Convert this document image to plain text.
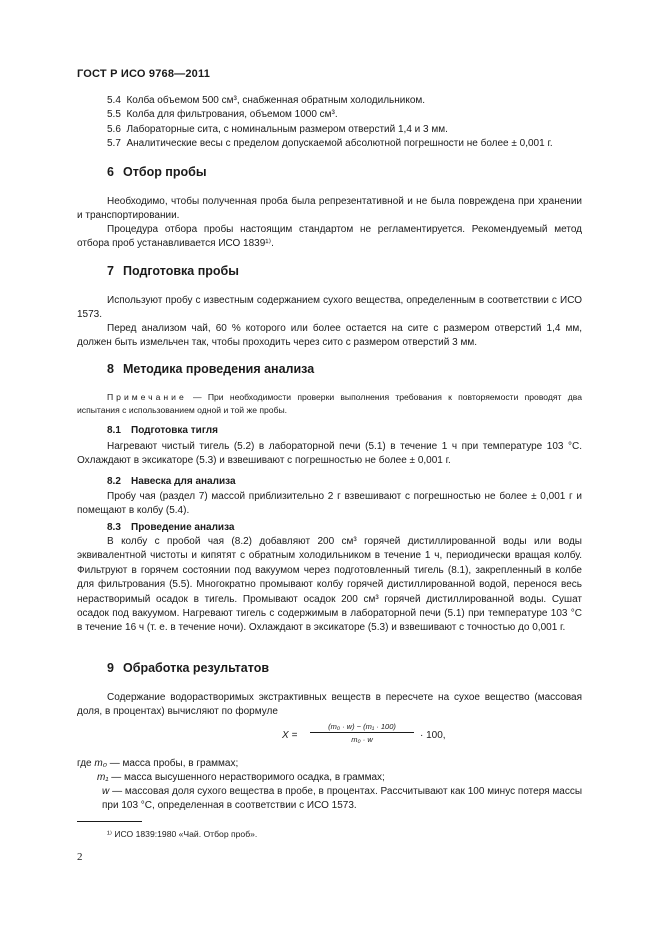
ГОСТ Р ИСО 9768—2011
5.4 Колба объемом 500 см³, снабженная обратным холодильником.
5.5 Колба для фильтрования, объемом 1000 см³.
5.6 Лабораторные сита, с номинальным размером отверстий 1,4 и 3 мм.
5.7 Аналитические весы с пределом допускаемой абсолютной погрешности не более ± 0,001 г.
6 Отбор пробы
Необходимо, чтобы полученная проба была репрезентативной и не была повреждена при хранении и транспортировании.
Процедура отбора пробы настоящим стандартом не регламентируется. Рекомендуемый метод отбора проб устанавливается ИСО 1839¹⁾.
7 Подготовка пробы
Используют пробу с известным содержанием сухого вещества, определенным в соответствии с ИСО 1573.
Перед анализом чай, 60 % которого или более остается на сите с размером отверстий 1,4 мм, должен быть измельчен так, чтобы проходить через сито с размером отверстий 3 мм.
8 Методика проведения анализа
Примечание — При необходимости проверки выполнения требования к повторяемости проводят два испытания с использованием одной и той же пробы.
8.1 Подготовка тигля
Нагревают чистый тигель (5.2) в лабораторной печи (5.1) в течение 1 ч при температуре 103 °С. Охлаждают в эксикаторе (5.3) и взвешивают с погрешностью не более ± 0,001 г.
8.2 Навеска для анализа
Пробу чая (раздел 7) массой приблизительно 2 г взвешивают с погрешностью не более ± 0,001 г и помещают в колбу (5.4).
8.3 Проведение анализа
В колбу с пробой чая (8.2) добавляют 200 см³ горячей дистиллированной воды или воды эквивалентной чистоты и кипятят с обратным холодильником в течение 1 ч, периодически вращая колбу. Фильтруют в горячем состоянии под вакуумом через подготовленный тигель (8.1), закрепленный в колбе для фильтрования (5.5). Многократно промывают колбу горячей дистиллированной водой, перенося весь нерастворимый осадок в тигель. Промывают осадок 200 см³ горячей дистиллированной воды. Сушат осадок под вакуумом. Нагревают тигель с содержимым в лабораторной печи (5.1) при температуре 103 °С в течение 16 ч (т. е. в течение ночи). Охлаждают в эксикаторе (5.3) и взвешивают с точностью до 0,001 г.
9 Обработка результатов
Содержание водорастворимых экстрактивных веществ в пересчете на сухое вещество (массовая доля, в процентах) вычисляют по формуле
$X = \frac{\text{(m₀ · w) − (m₁ · 100)}}{\text{m₀ · w}} \cdot 100$,
где m₀ — масса пробы, в граммах;
m₁ — масса высушенного нерастворимого осадка, в граммах;
w — массовая доля сухого вещества в пробе, в процентах. Рассчитывают как 100 минус потеря массы при 103 °С, определенная в соответствии с ИСО 1573.
¹⁾ ИСО 1839:1980 «Чай. Отбор проб».
2
